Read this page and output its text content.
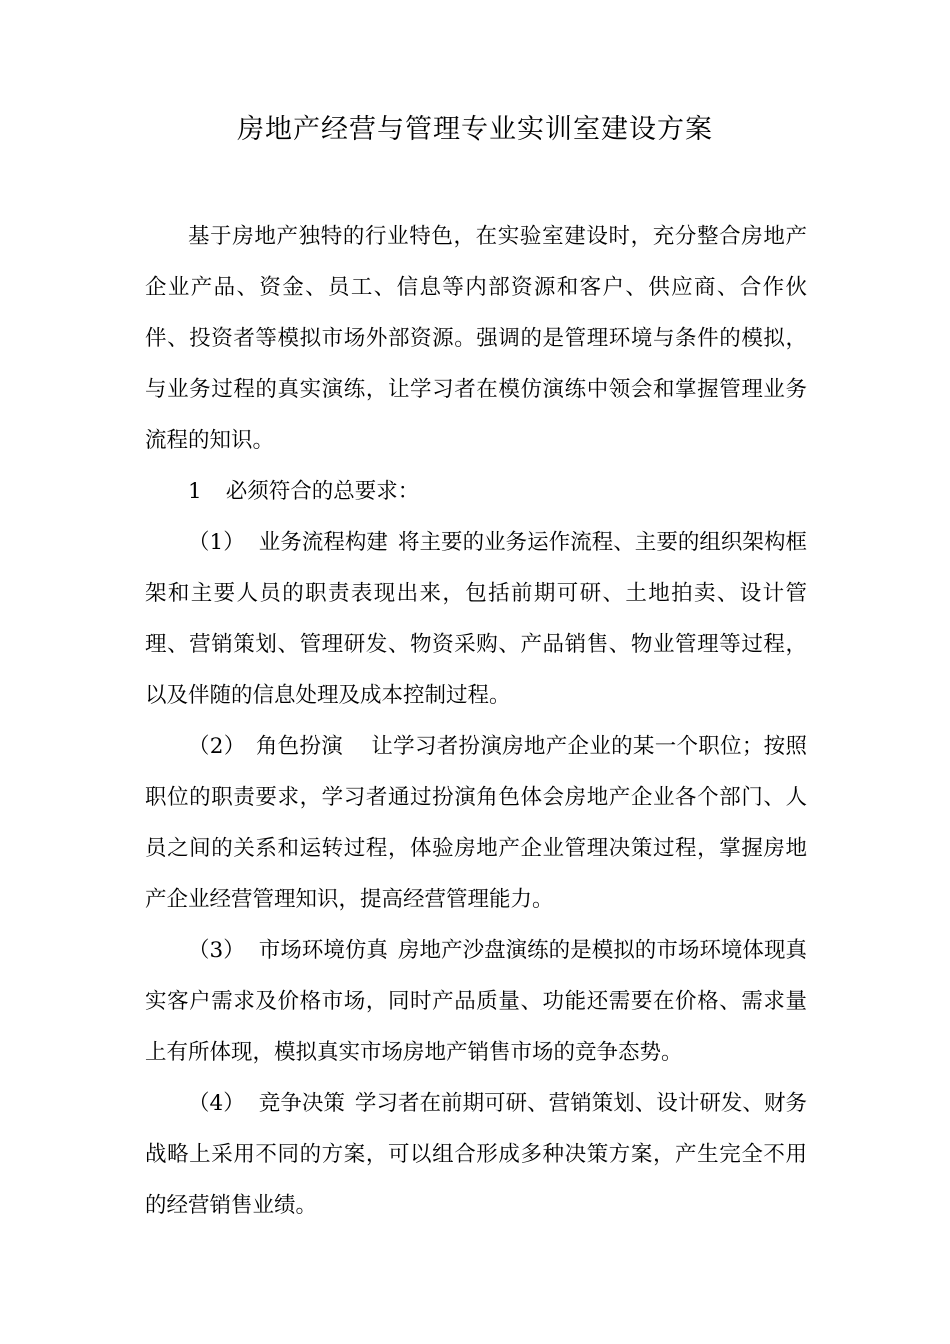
房地产经营与管理专业实训室建设方案

基于房地产独特的行业特色，在实验室建设时，充分整合房地产企业产品、资金、员工、信息等内部资源和客户、供应商、合作伙伴、投资者等模拟市场外部资源。强调的是管理环境与条件的模拟，与业务过程的真实演练，让学习者在模仿演练中领会和掌握管理业务流程的知识。

1 必须符合的总要求：

（1） 业务流程构建 将主要的业务运作流程、主要的组织架构框架和主要人员的职责表现出来，包括前期可研、土地拍卖、设计管理、营销策划、管理研发、物资采购、产品销售、物业管理等过程，以及伴随的信息处理及成本控制过程。

（2） 角色扮演 让学习者扮演房地产企业的某一个职位；按照职位的职责要求，学习者通过扮演角色体会房地产企业各个部门、人员之间的关系和运转过程，体验房地产企业管理决策过程，掌握房地产企业经营管理知识，提高经营管理能力。

（3） 市场环境仿真 房地产沙盘演练的是模拟的市场环境体现真实客户需求及价格市场，同时产品质量、功能还需要在价格、需求量上有所体现，模拟真实市场房地产销售市场的竞争态势。

（4） 竞争决策 学习者在前期可研、营销策划、设计研发、财务战略上采用不同的方案，可以组合形成多种决策方案，产生完全不用的经营销售业绩。
